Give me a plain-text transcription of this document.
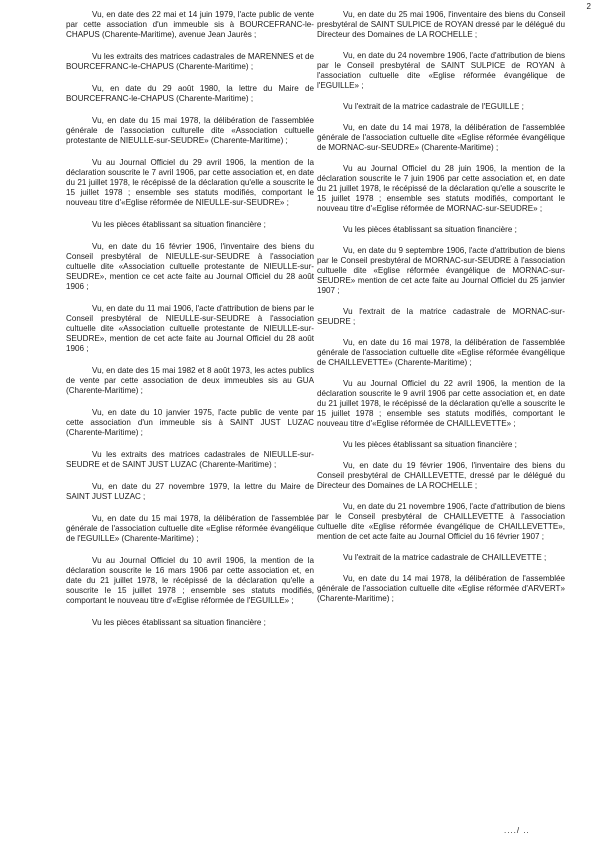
2

Vu, en date des 22 mai et 14 juin 1979, l'acte public de vente par cette association d'un immeuble sis à BOURCEFRANC-le-CHAPUS (Charente-Maritime), avenue Jean Jaurès ;

Vu les extraits des matrices cadastrales de MARENNES et de BOURCEFRANC-le-CHAPUS (Charente-Maritime) ;

Vu, en date du 29 août 1980, la lettre du Maire de BOURCEFRANC-le-CHAPUS (Charente-Maritime) ;

Vu, en date du 15 mai 1978, la délibération de l'assemblée générale de l'association culturelle dite «Association cultuelle protestante de NIEULLE-sur-SEUDRE» (Charente-Maritime) ;

Vu au Journal Officiel du 29 avril 1906, la mention de la déclaration souscrite le 7 avril 1906, par cette association et, en date du 21 juillet 1978, le récépissé de la déclaration qu'elle a souscrite le 15 juillet 1978 ; ensemble ses statuts modifiés, comportant le nouveau titre d'«Eglise réformée de NIEULLE-sur-SEUDRE» ;

Vu les pièces établissant sa situation financière ;

Vu, en date du 16 février 1906, l'inventaire des biens du Conseil presbytéral de NIEULLE-sur-SEUDRE à l'association cultuelle dite «Association cultuelle protestante de NIEULLE-sur-SEUDRE», mention ce cet acte faite au Journal Officiel du 28 août 1906 ;

Vu, en date du 11 mai 1906, l'acte d'attribution de biens par le Conseil presbytéral de NIEULLE-sur-SEUDRE à l'association cultuelle dite «Association cultuelle protestante de NIEULLE-sur-SEUDRE», mention de cet acte faite au Journal Officiel du 28 août 1906 ;

Vu, en date des 15 mai 1982 et 8 août 1973, les actes publics de vente par cette association de deux immeubles sis au GUA (Charente-Maritime) ;

Vu, en date du 10 janvier 1975, l'acte public de vente par cette association d'un immeuble sis à SAINT JUST LUZAC (Charente-Maritime) ;

Vu les extraits des matrices cadastrales de NIEULLE-sur-SEUDRE et de SAINT JUST LUZAC (Charente-Maritime) ;

Vu, en date du 27 novembre 1979, la lettre du Maire de SAINT JUST LUZAC ;

Vu, en date du 15 mai 1978, la délibération de l'assemblée générale de l'association cultuelle dite «Eglise réformée évangélique de l'EGUILLE» (Charente-Maritime) ;

Vu au Journal Officiel du 10 avril 1906, la mention de la déclaration souscrite le 16 mars 1906 par cette association et, en date du 21 juillet 1978, le récépissé de la déclaration qu'elle a souscrite le 15 juillet 1978 ; ensemble ses statuts modifiés, comportant le nouveau titre d'«Eglise réformée de l'EGUILLE» ;

Vu les pièces établissant sa situation financière ;

Vu, en date du 25 mai 1906, l'inventaire des biens du Conseil presbytéral de SAINT SULPICE de ROYAN dressé par le délégué du Directeur des Domaines de LA ROCHELLE ;

Vu, en date du 24 novembre 1906, l'acte d'attribution de biens par le Conseil presbytéral de SAINT SULPICE de ROYAN à l'association cultuelle dite «Eglise réformée évangélique de l'EGUILLE» ;

Vu l'extrait de la matrice cadastrale de l'EGUILLE ;

Vu, en date du 14 mai 1978, la délibération de l'assemblée générale de l'association cultuelle dite «Eglise réformée évangélique de MORNAC-sur-SEUDRE» (Charente-Maritime) ;

Vu au Journal Officiel du 28 juin 1906, la mention de la déclaration souscrite le 7 juin 1906 par cette association et, en date du 21 juillet 1978, le récépissé de la déclaration qu'elle a souscrite le 15 juillet 1978 ; ensemble ses statuts modifiés, comportant le nouveau titre d'«Eglise réformée de MORNAC-sur-SEUDRE» ;

Vu les pièces établissant sa situation financière ;

Vu, en date du 9 septembre 1906, l'acte d'attribution de biens par le Conseil presbytéral de MORNAC-sur-SEUDRE à l'association cultuelle dite «Eglise réformée évangélique de MORNAC-sur-SEUDRE» mention de cet acte faite au Journal Officiel du 25 janvier 1907 ;

Vu l'extrait de la matrice cadastrale de MORNAC-sur-SEUDRE ;

Vu, en date du 16 mai 1978, la délibération de l'assemblée générale de l'association cultuelle dite «Eglise réformée évangélique de CHAILLEVETTE» (Charente-Maritime) ;

Vu au Journal Officiel du 22 avril 1906, la mention de la déclaration souscrite le 9 avril 1906 par cette association et, en date du 21 juillet 1978, le récépissé de la déclaration qu'elle a souscrite le 15 juillet 1978 ; ensemble ses statuts modifiés, comportant le nouveau titre d'«Eglise réformée de CHAILLEVETTE» ;

Vu les pièces établissant sa situation financière ;

Vu, en date du 19 février 1906, l'inventaire des biens du Conseil presbytéral de CHAILLEVETTE, dressé par le délégué du Directeur des Domaines de LA ROCHELLE ;

Vu, en date du 21 novembre 1906, l'acte d'attribution de biens par le Conseil presbytéral de CHAILLEVETTE à l'association cultuelle dite «Eglise réformée évangélique de CHAILLEVETTE», mention de cet acte faite au Journal Officiel du 16 février 1907 ;

Vu l'extrait de la matrice cadastrale de CHAILLEVETTE ;

Vu, en date du 14 mai 1978, la délibération de l'assemblée générale de l'association cultuelle dite «Eglise réformée d'ARVERT» (Charente-Maritime) ;

..../ ..
